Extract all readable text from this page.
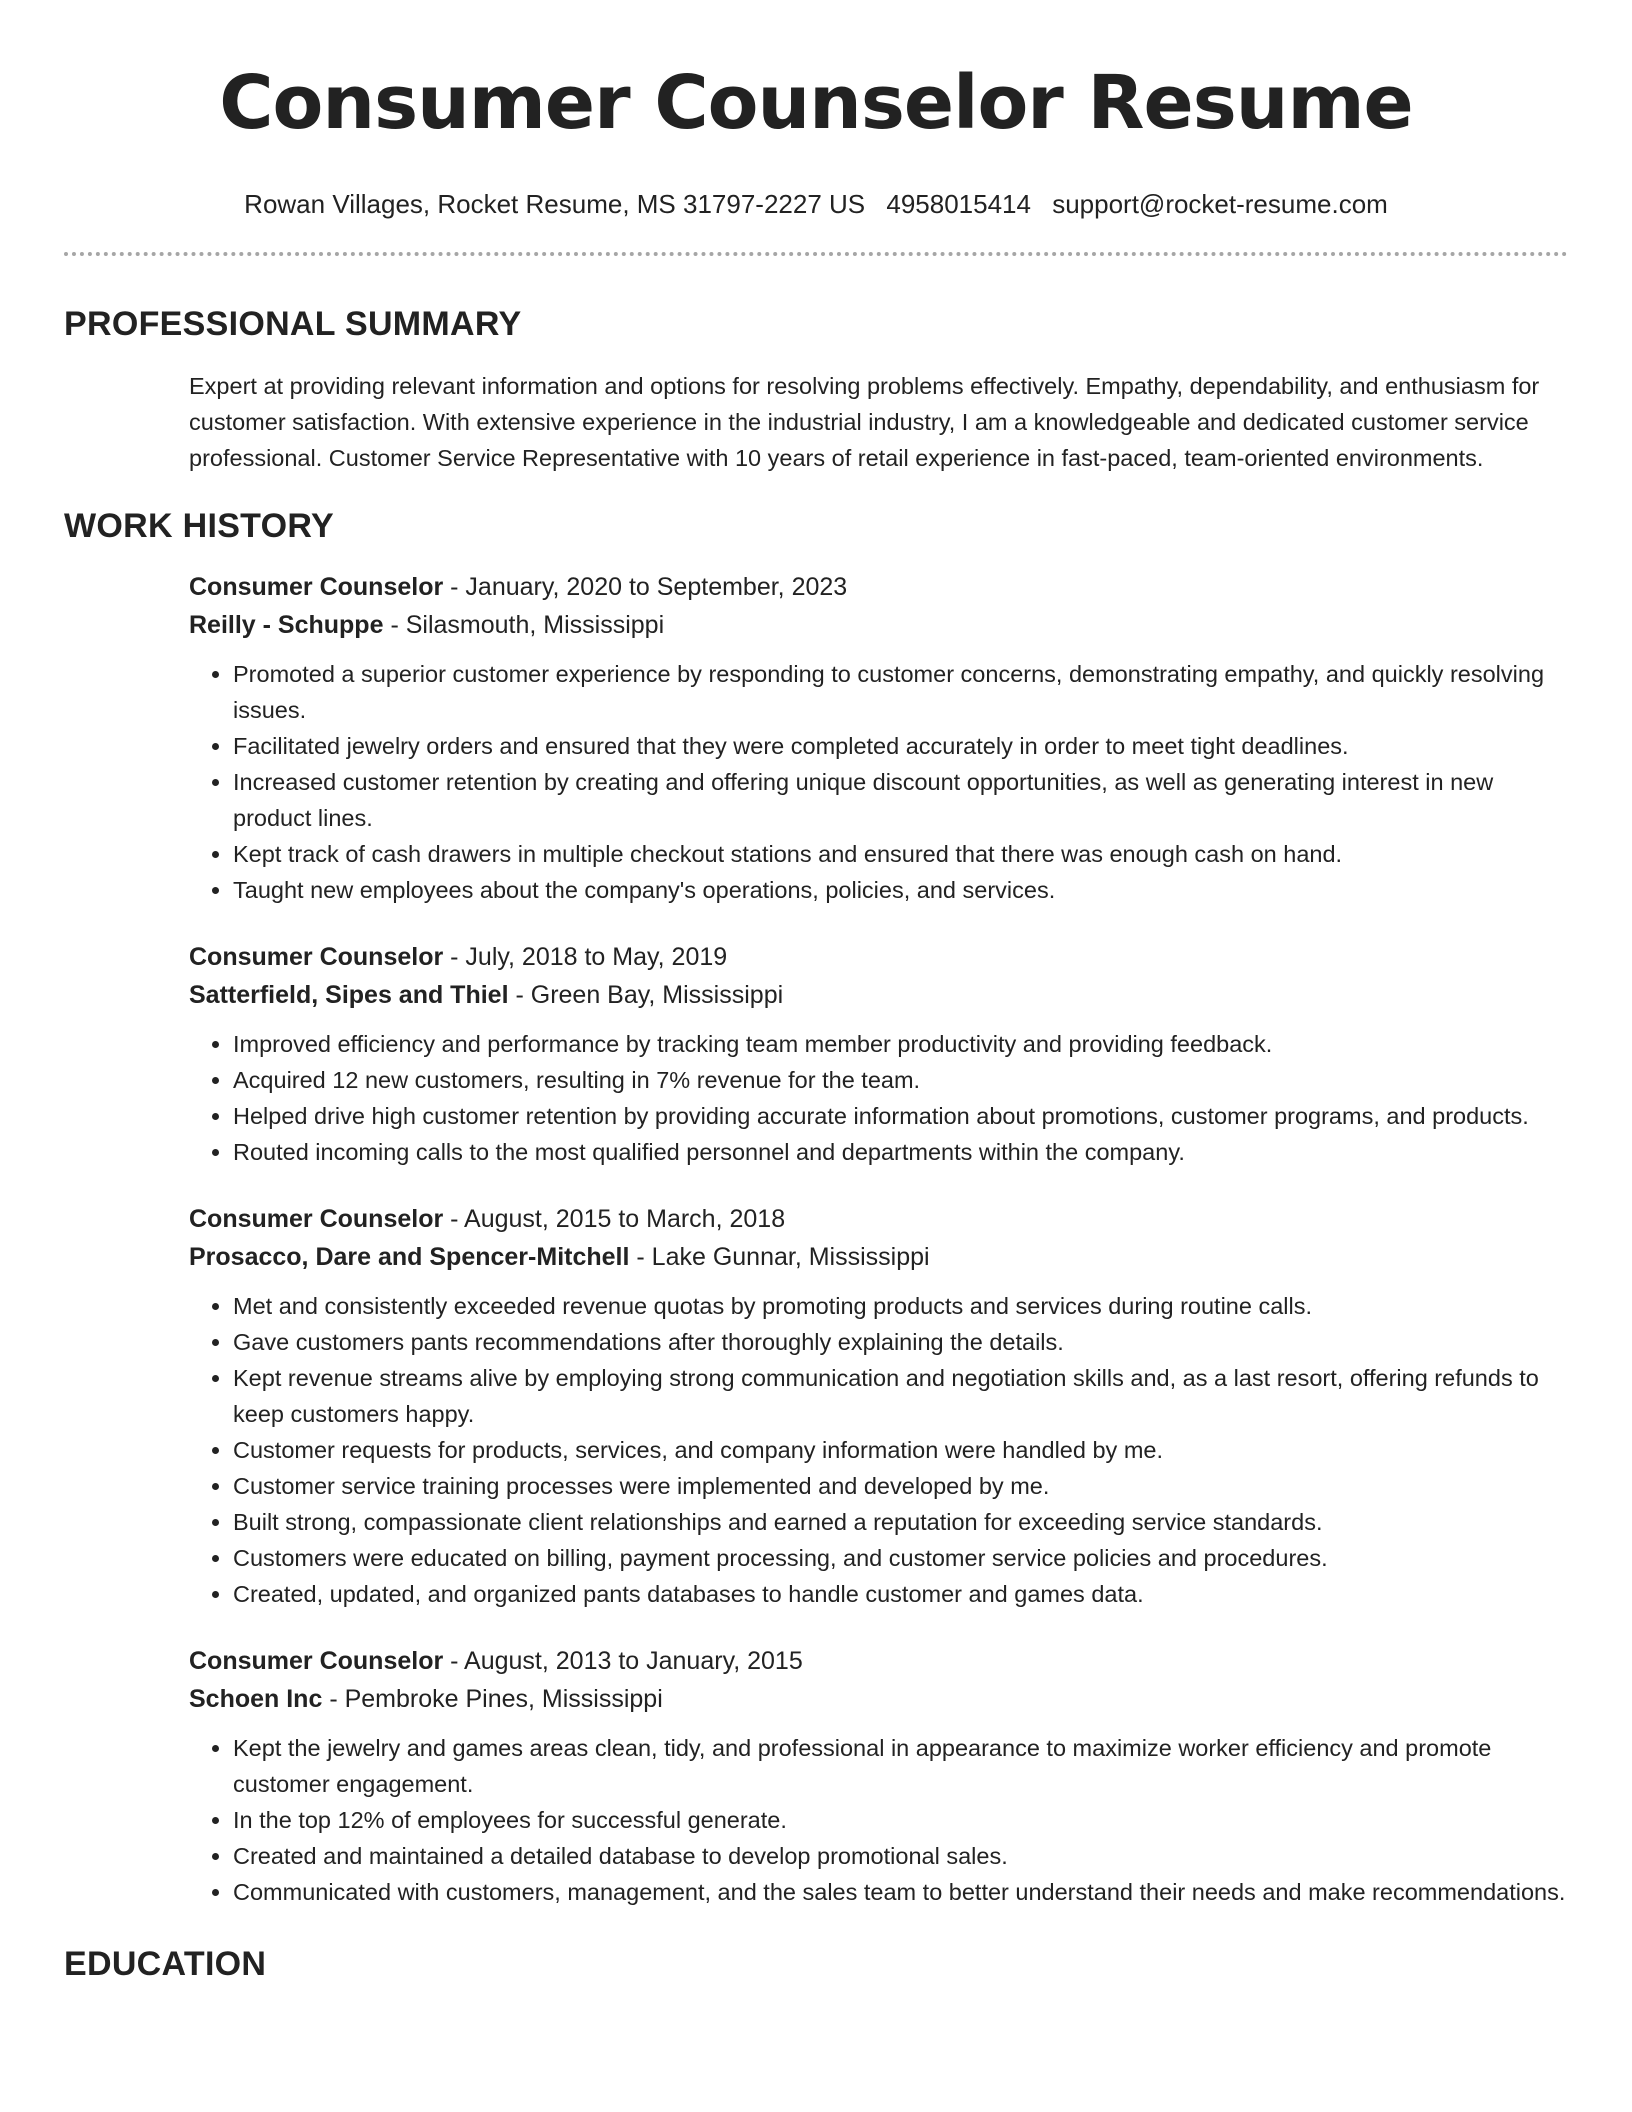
Consumer Counselor Resume
Rowan Villages, Rocket Resume, MS 31797-2227 US 4958015414 support@rocket-resume.com
PROFESSIONAL SUMMARY
Expert at providing relevant information and options for resolving problems effectively. Empathy, dependability, and enthusiasm for customer satisfaction. With extensive experience in the industrial industry, I am a knowledgeable and dedicated customer service professional. Customer Service Representative with 10 years of retail experience in fast-paced, team-oriented environments.
WORK HISTORY
Consumer Counselor - January, 2020 to September, 2023
Reilly - Schuppe - Silasmouth, Mississippi
• Promoted a superior customer experience by responding to customer concerns, demonstrating empathy, and quickly resolving issues.
• Facilitated jewelry orders and ensured that they were completed accurately in order to meet tight deadlines.
• Increased customer retention by creating and offering unique discount opportunities, as well as generating interest in new product lines.
• Kept track of cash drawers in multiple checkout stations and ensured that there was enough cash on hand.
• Taught new employees about the company's operations, policies, and services.
Consumer Counselor - July, 2018 to May, 2019
Satterfield, Sipes and Thiel - Green Bay, Mississippi
• Improved efficiency and performance by tracking team member productivity and providing feedback.
• Acquired 12 new customers, resulting in 7% revenue for the team.
• Helped drive high customer retention by providing accurate information about promotions, customer programs, and products.
• Routed incoming calls to the most qualified personnel and departments within the company.
Consumer Counselor - August, 2015 to March, 2018
Prosacco, Dare and Spencer-Mitchell - Lake Gunnar, Mississippi
• Met and consistently exceeded revenue quotas by promoting products and services during routine calls.
• Gave customers pants recommendations after thoroughly explaining the details.
• Kept revenue streams alive by employing strong communication and negotiation skills and, as a last resort, offering refunds to keep customers happy.
• Customer requests for products, services, and company information were handled by me.
• Customer service training processes were implemented and developed by me.
• Built strong, compassionate client relationships and earned a reputation for exceeding service standards.
• Customers were educated on billing, payment processing, and customer service policies and procedures.
• Created, updated, and organized pants databases to handle customer and games data.
Consumer Counselor - August, 2013 to January, 2015
Schoen Inc - Pembroke Pines, Mississippi
• Kept the jewelry and games areas clean, tidy, and professional in appearance to maximize worker efficiency and promote customer engagement.
• In the top 12% of employees for successful generate.
• Created and maintained a detailed database to develop promotional sales.
• Communicated with customers, management, and the sales team to better understand their needs and make recommendations.
EDUCATION
